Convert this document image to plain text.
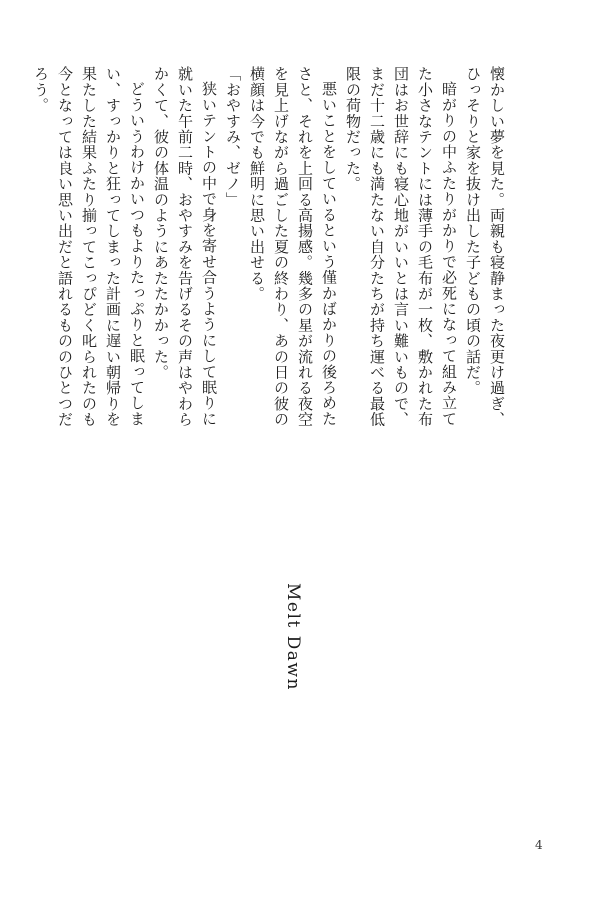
懐かしい夢を見た。両親も寝静まった夜更け過ぎ、ひっそりと家を抜け出した子どもの頃の話だ。

暗がりの中ふたりがかりで必死になって組み立てた小さなテントには薄手の毛布が一枚、敷かれた布団はお世辞にも寝心地がいいとは言い難いもので、まだ十二歳にも満たない自分たちが持ち運べる最低限の荷物だった。

悪いことをしているという僅かばかりの後ろめたさと、それを上回る高揚感。幾多の星が流れる夜空を見上げながら過ごした夏の終わり、あの日の彼の横顔は今でも鮮明に思い出せる。

「おやすみ、ゼノ」

狭いテントの中で身を寄せ合うようにして眠りに就いた午前二時、おやすみを告げるその声はやわらかくて、彼の体温のようにあたたかかった。

どういうわけかいつもよりたっぷりと眠ってしまい、すっかりと狂ってしまった計画に遅い朝帰りを果たした結果ふたり揃ってこっぴどく叱られたのも今となっては良い思い出だと語れるもののひとつだろう。

Melt Dawn
4
